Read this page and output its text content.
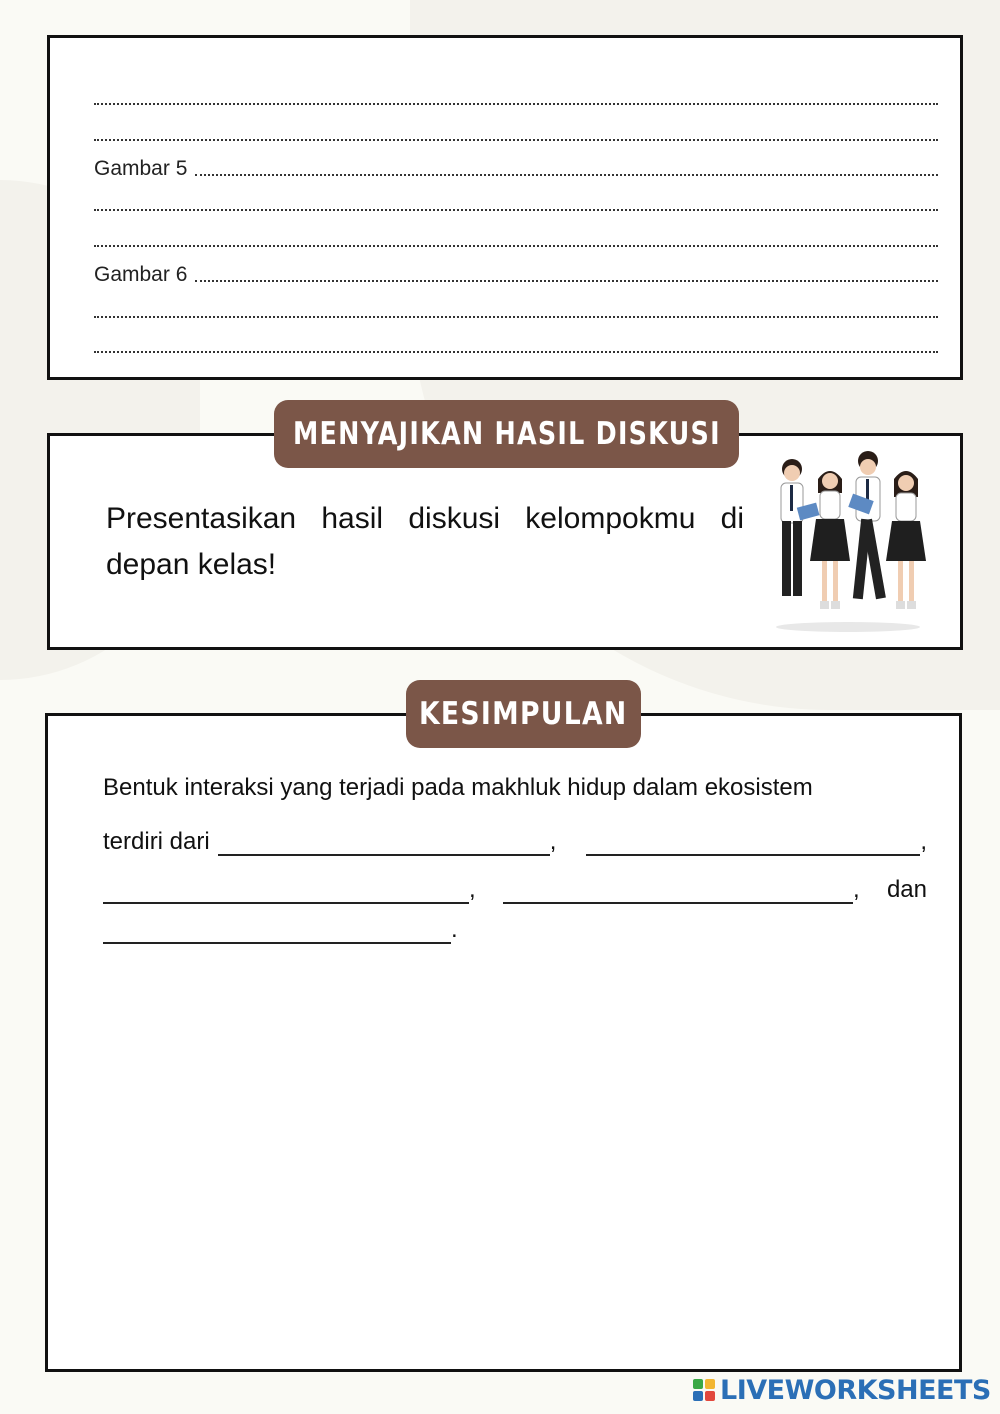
Gambar 5
Gambar 6
Presentasikan hasil diskusi kelompokmu di depan kelas!
MENYAJIKAN HASIL DISKUSI
Bentuk interaksi yang terjadi pada makhluk hidup dalam ekosistem
terdiri dari	,	,
,	, dan
.
KESIMPULAN
LIVEWORKSHEETS
